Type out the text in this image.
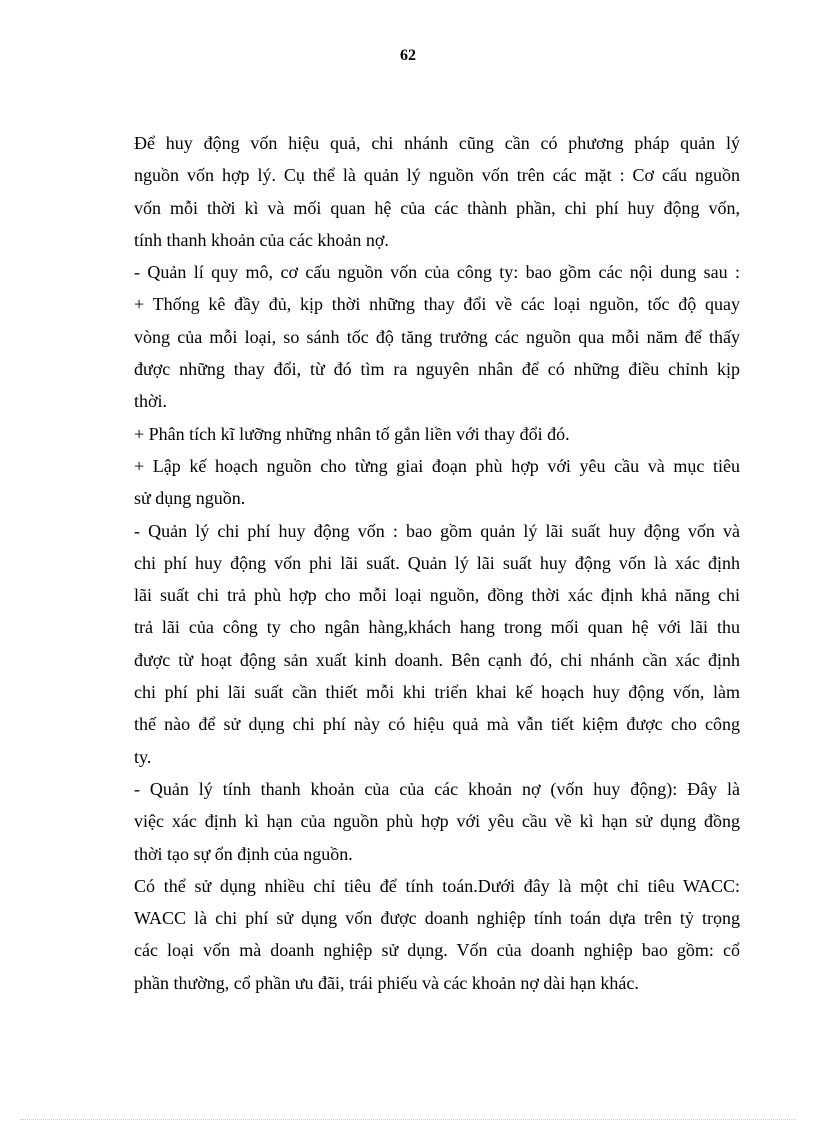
62
Để huy động vốn hiệu quả, chi nhánh cũng cần có phương pháp quản lý
nguồn vốn hợp lý. Cụ thể là quản lý nguồn vốn trên các mặt : Cơ cấu nguồn
vốn mỗi thời kì và mối quan hệ của các thành phần, chi phí huy động vốn,
tính thanh khoản của các khoản nợ.
- Quản lí quy mô, cơ cấu nguồn vốn của công ty: bao gồm các nội dung sau :
+ Thống kê đầy đủ, kịp thời những thay đổi về các loại nguồn, tốc độ quay
vòng của mỗi loại, so sánh tốc độ tăng trưởng các nguồn qua mỗi năm để thấy
được những thay đổi, từ đó tìm ra nguyên nhân để có những điều chỉnh kịp
thời.
+ Phân tích kĩ lưỡng những nhân tố gắn liền với thay đổi đó.
+ Lập kế hoạch nguồn cho từng giai đoạn phù hợp với yêu cầu và mục tiêu
sử dụng nguồn.
- Quản lý chi phí huy động vốn : bao gồm quản lý lãi suất huy động vốn và
chi phí huy động vốn phi lãi suất. Quản lý lãi suất huy động vốn là xác định
lãi suất chi trả phù hợp cho mỗi loại nguồn, đồng thời xác định khả năng chi
trả lãi của công ty cho ngân hàng,khách hang trong mối quan hệ với lãi thu
được từ hoạt động sản xuất kinh doanh. Bên cạnh đó, chi nhánh cần xác định
chi phí phi lãi suất cần thiết mỗi khi triển khai kế hoạch huy động vốn, làm
thế nào để sử dụng chi phí này có hiệu quả mà vẫn tiết kiệm được cho công
ty.
- Quản lý tính thanh khoản của của các khoản nợ (vốn huy động): Đây là
việc xác định kì hạn của nguồn phù hợp với yêu cầu về kì hạn sử dụng đồng
thời tạo sự ổn định của nguồn.
Có thể sử dụng nhiều chỉ tiêu để tính toán.Dưới đây là một chỉ tiêu WACC:
WACC là chi phí sử dụng vốn được doanh nghiệp tính toán dựa trên tỷ trọng
các loại vốn mà doanh nghiệp sử dụng. Vốn của doanh nghiệp bao gồm: cổ
phần thường, cổ phần ưu đãi, trái phiếu và các khoản nợ dài hạn khác.
